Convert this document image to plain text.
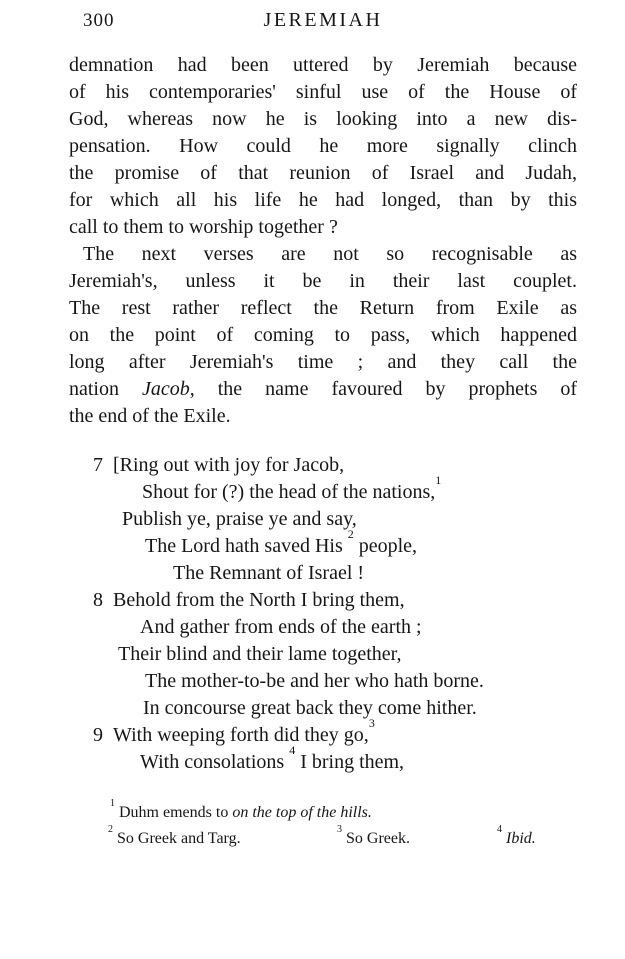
300	JEREMIAH

demnation had been uttered by Jeremiah because
of his contemporaries' sinful use of the House of
God, whereas now he is looking into a new dis-
pensation. How could he more signally clinch
the promise of that reunion of Israel and Judah,
for which all his life he had longed, than by this
call to them to worship together ?

The next verses are not so recognisable as
Jeremiah's, unless it be in their last couplet.
The rest rather reflect the Return from Exile as
on the point of coming to pass, which happened
long after Jeremiah's time ; and they call the
nation Jacob, the name favoured by prophets of
the end of the Exile.

7
8
9
[Ring out with joy for Jacob,
Shout for (?) the head of the nations,$^1$
Publish ye, praise ye and say,
The Lord hath saved His $^2$ people,
The Remnant of Israel !
Behold from the North I bring them,
And gather from ends of the earth ;
Their blind and their lame together,
The mother-to-be and her who hath borne.
In concourse great back they come hither.
With weeping forth did they go,$^3$
With consolations $^4$ I bring them,
$^1$ Duhm emends to on the top of the hills.
$^2$ So Greek and Targ.
$^3$ So Greek.
$^4$ Ibid.
